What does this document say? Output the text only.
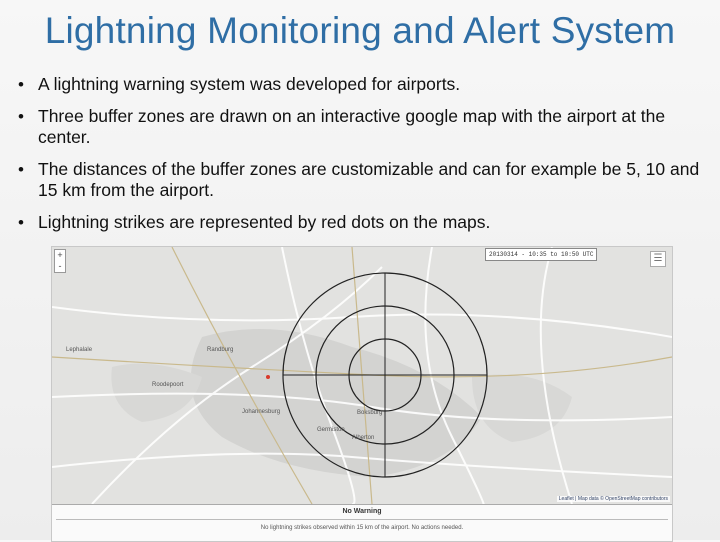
Lightning Monitoring and Alert System
• A lightning warning system was developed for airports.
• Three buffer zones are drawn on an interactive google map with the airport at the center.
• The distances of the buffer zones are customizable and can for example be 5, 10 and 15 km from the airport.
• Lightning strikes are represented by red dots on the maps.
+
-
20130314 - 10:35 to 10:50 UTC	☰
Lephalale	Randburg
Roodepoort
Johannesburg	Boksburg
Germiston
Alberton
Leaflet | Map data © OpenStreetMap contributors
No Warning
No lightning strikes observed within 15 km of the airport. No actions needed.
